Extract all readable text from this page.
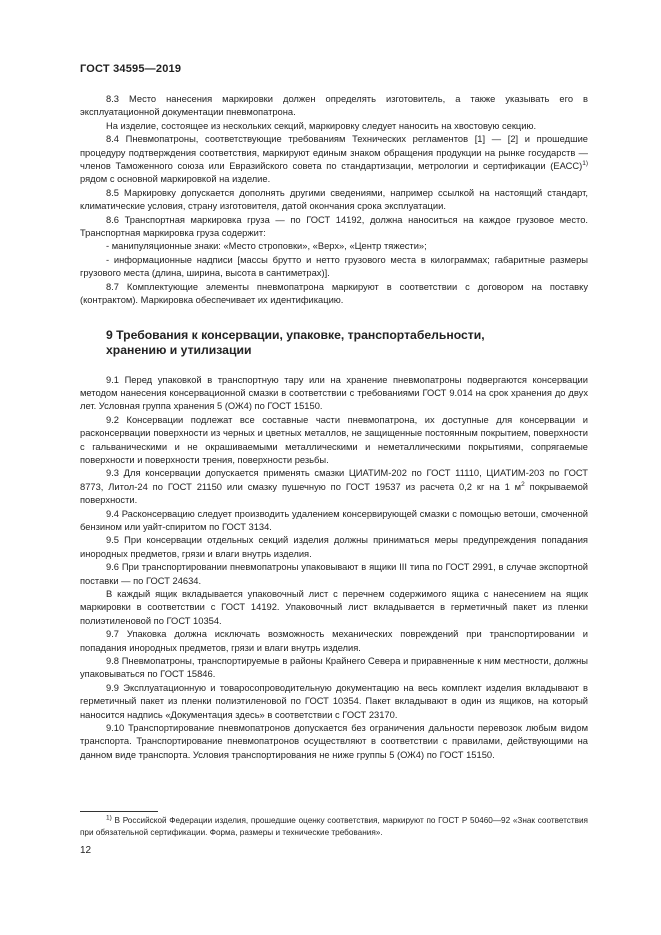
ГОСТ 34595—2019

8.3 Место нанесения маркировки должен определять изготовитель, а также указывать его в эксплуатационной документации пневмопатрона.

На изделие, состоящее из нескольких секций, маркировку следует наносить на хвостовую секцию.

8.4 Пневмопатроны, соответствующие требованиям Технических регламентов [1] — [2] и прошедшие процедуру подтверждения соответствия, маркируют единым знаком обращения продукции на рынке государств — членов Таможенного союза или Евразийского совета по стандартизации, метрологии и сертификации (ЕАСС)$^{1)}$ рядом с основной маркировкой на изделие.

8.5 Маркировку допускается дополнять другими сведениями, например ссылкой на настоящий стандарт, климатические условия, страну изготовителя, датой окончания срока эксплуатации.

8.6 Транспортная маркировка груза — по ГОСТ 14192, должна наноситься на каждое грузовое место. Транспортная маркировка груза содержит:

- манипуляционные знаки: «Место строповки», «Верх», «Центр тяжести»;

- информационные надписи [массы брутто и нетто грузового места в килограммах; габаритные размеры грузового места (длина, ширина, высота в сантиметрах)].

8.7 Комплектующие элементы пневмопатрона маркируют в соответствии с договором на поставку (контрактом). Маркировка обеспечивает их идентификацию.

9 Требования к консервации, упаковке, транспортабельности,
хранению и утилизации

9.1 Перед упаковкой в транспортную тару или на хранение пневмопатроны подвергаются консервации методом нанесения консервационной смазки в соответствии с требованиями ГОСТ 9.014 на срок хранения до двух лет. Условная группа хранения 5 (ОЖ4) по ГОСТ 15150.

9.2 Консервации подлежат все составные части пневмопатрона, их доступные для консервации и расконсервации поверхности из черных и цветных металлов, не защищенные постоянным покрытием, поверхности с гальваническими и не окрашиваемыми металлическими и неметаллическими покрытиями, сопрягаемые поверхности и поверхности трения, поверхности резьбы.

9.3 Для консервации допускается применять смазки ЦИАТИМ-202 по ГОСТ 11110, ЦИАТИМ-203 по ГОСТ 8773, Литол-24 по ГОСТ 21150 или смазку пушечную по ГОСТ 19537 из расчета 0,2 кг на 1 $м^2$ покрываемой поверхности.

9.4 Расконсервацию следует производить удалением консервирующей смазки с помощью ветоши, смоченной бензином или уайт-спиритом по ГОСТ 3134.

9.5 При консервации отдельных секций изделия должны приниматься меры предупреждения попадания инородных предметов, грязи и влаги внутрь изделия.

9.6 При транспортировании пневмопатроны упаковывают в ящики III типа по ГОСТ 2991, в случае экспортной поставки — по ГОСТ 24634.

В каждый ящик вкладывается упаковочный лист с перечнем содержимого ящика с нанесением на ящик маркировки в соответствии с ГОСТ 14192. Упаковочный лист вкладывается в герметичный пакет из пленки полиэтиленовой по ГОСТ 10354.

9.7 Упаковка должна исключать возможность механических повреждений при транспортировании и попадания инородных предметов, грязи и влаги внутрь изделия.

9.8 Пневмопатроны, транспортируемые в районы Крайнего Севера и приравненные к ним местности, должны упаковываться по ГОСТ 15846.

9.9 Эксплуатационную и товаросопроводительную документацию на весь комплект изделия вкладывают в герметичный пакет из пленки полиэтиленовой по ГОСТ 10354. Пакет вкладывают в один из ящиков, на который наносится надпись «Документация здесь» в соответствии с ГОСТ 23170.

9.10 Транспортирование пневмопатронов допускается без ограничения дальности перевозок любым видом транспорта. Транспортирование пневмопатронов осуществляют в соответствии с правилами, действующими на данном виде транспорта. Условия транспортирования не ниже группы 5 (ОЖ4) по ГОСТ 15150.

$^{1)}$ В Российской Федерации изделия, прошедшие оценку соответствия, маркируют по ГОСТ Р 50460—92 «Знак соответствия при обязательной сертификации. Форма, размеры и технические требования».

12
